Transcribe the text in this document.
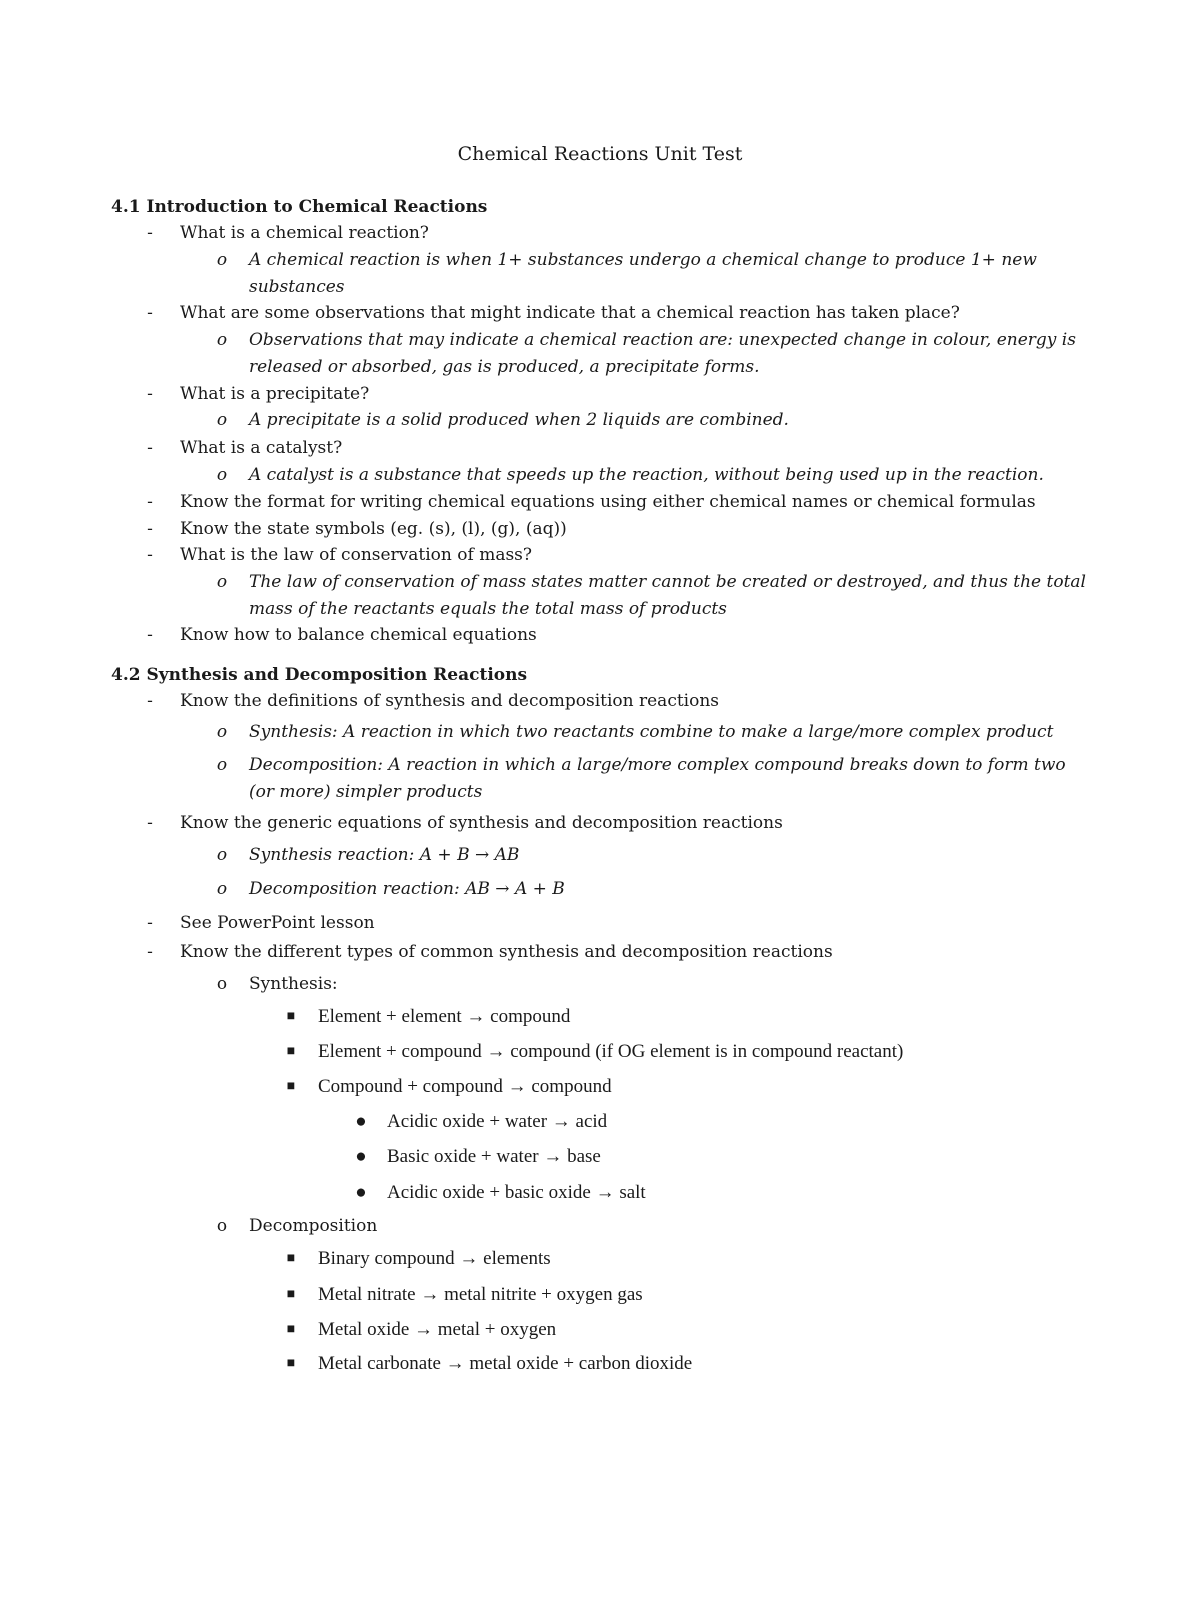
Chemical Reactions Unit Test
4.1 Introduction to Chemical Reactions
-	What is a chemical reaction?
o A chemical reaction is when 1+ substances undergo a chemical change to produce 1+ new
substances
-	What are some observations that might indicate that a chemical reaction has taken place?
o Observations that may indicate a chemical reaction are: unexpected change in colour, energy is
released or absorbed, gas is produced, a precipitate forms.
-	What is a precipitate?
o A precipitate is a solid produced when 2 liquids are combined.
-	What is a catalyst?
o A catalyst is a substance that speeds up the reaction, without being used up in the reaction.
-	Know the format for writing chemical equations using either chemical names or chemical formulas
-	Know the state symbols (eg. (s), (l), (g), (aq))
-	What is the law of conservation of mass?
o The law of conservation of mass states matter cannot be created or destroyed, and thus the total
mass of the reactants equals the total mass of products
-	Know how to balance chemical equations
4.2 Synthesis and Decomposition Reactions
-	Know the definitions of synthesis and decomposition reactions
o Synthesis: A reaction in which two reactants combine to make a large/more complex product
o Decomposition: A reaction in which a large/more complex compound breaks down to form two
(or more) simpler products
-	Know the generic equations of synthesis and decomposition reactions
o Synthesis reaction: A + B → AB
o Decomposition reaction: AB → A + B
-	See PowerPoint lesson
-	Know the different types of common synthesis and decomposition reactions
o Synthesis:
■	Element + element → compound
■	Element + compound → compound (if OG element is in compound reactant)
■	Compound + compound → compound
● Acidic oxide + water → acid
● Basic oxide + water → base
● Acidic oxide + basic oxide → salt
o Decomposition
■	Binary compound → elements
■	Metal nitrate → metal nitrite + oxygen gas
■	Metal oxide → metal + oxygen
■	Metal carbonate → metal oxide + carbon dioxide
